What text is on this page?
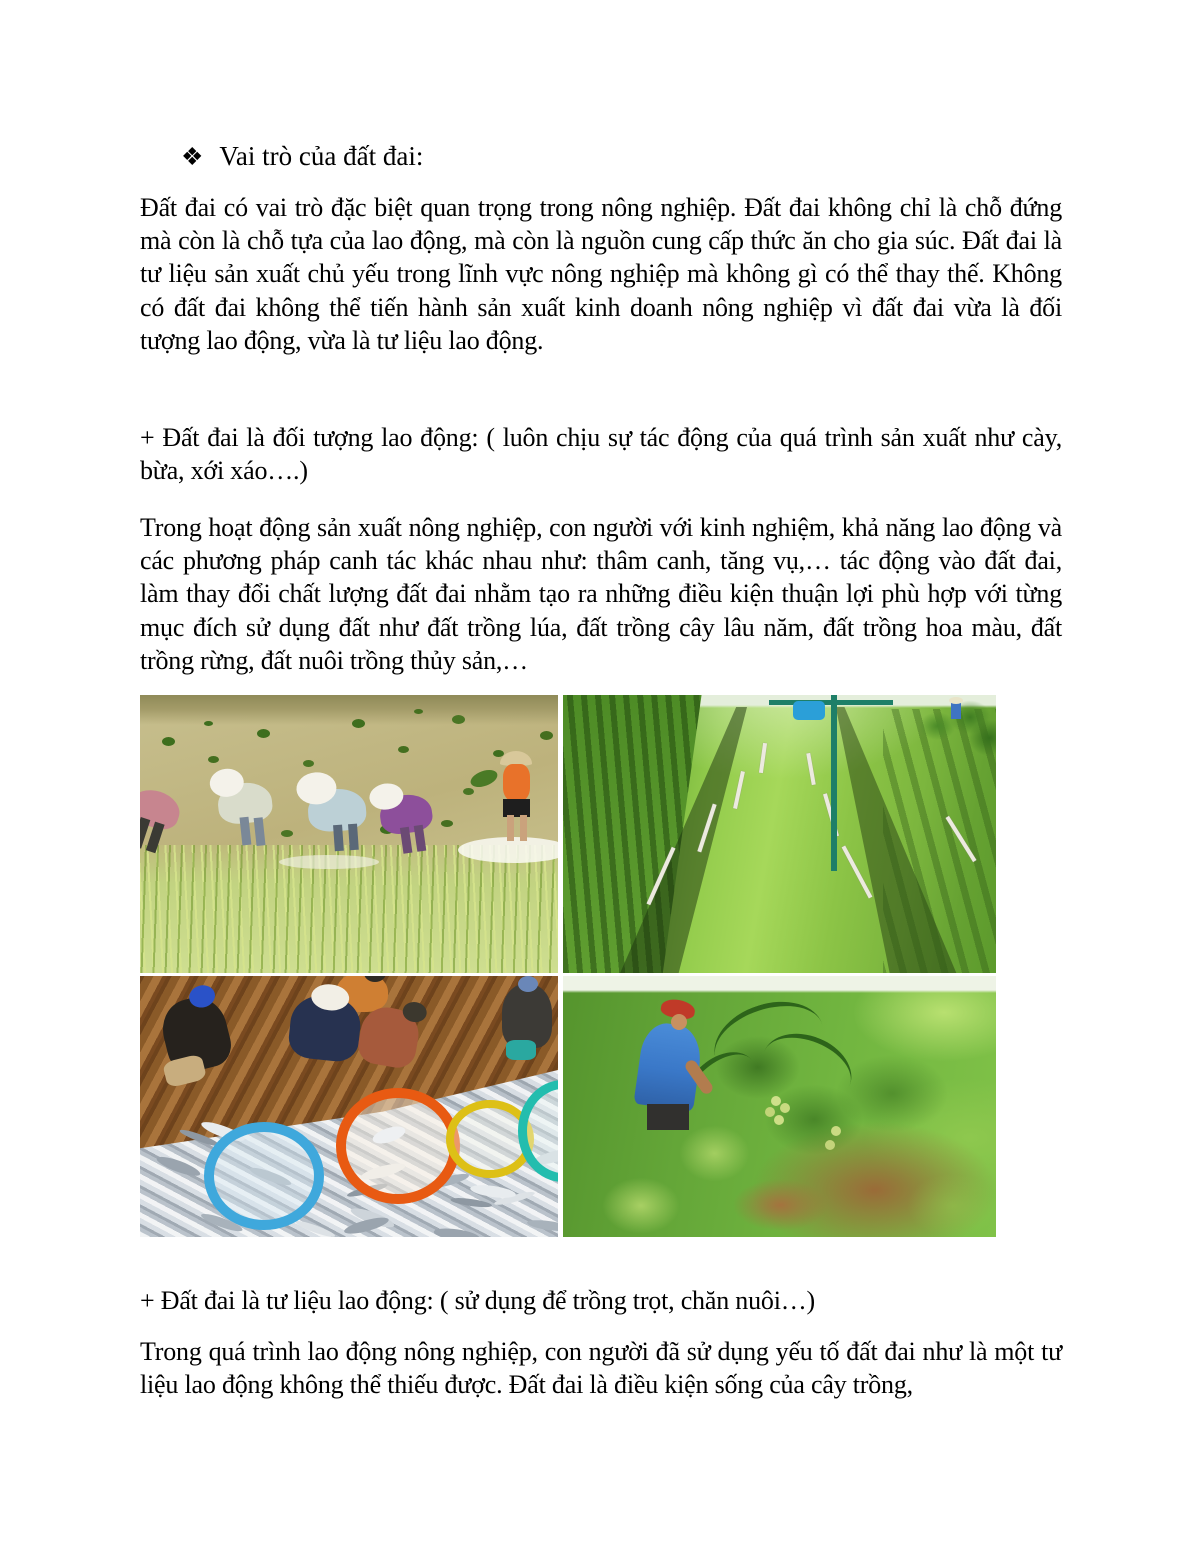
❖ Vai trò của đất đai:
Đất đai có vai trò đặc biệt quan trọng trong nông nghiệp. Đất đai không chỉ là chỗ đứng mà còn là chỗ tựa của lao động, mà còn là nguồn cung cấp thức ăn cho gia súc. Đất đai là tư liệu sản xuất chủ yếu trong lĩnh vực nông nghiệp mà không gì có thể thay thế. Không có đất đai không thể tiến hành sản xuất kinh doanh nông nghiệp vì đất đai vừa là đối tượng lao động, vừa là tư liệu lao động.
+ Đất đai là đối tượng lao động: ( luôn chịu sự tác động của quá trình sản xuất như cày, bừa, xới xáo….)
Trong hoạt động sản xuất nông nghiệp, con người với kinh nghiệm, khả năng lao động và các phương pháp canh tác khác nhau như: thâm canh, tăng vụ,… tác động vào đất đai, làm thay đổi chất lượng đất đai nhằm tạo ra những điều kiện thuận lợi phù hợp với từng mục đích sử dụng đất như đất trồng lúa, đất trồng cây lâu năm, đất trồng hoa màu, đất trồng rừng, đất nuôi trồng thủy sản,…
+ Đất đai là tư liệu lao động: ( sử dụng để trồng trọt, chăn nuôi…)
Trong quá trình lao động nông nghiệp, con người đã sử dụng yếu tố đất đai như là một tư liệu lao động không thể thiếu được. Đất đai là điều kiện sống của cây trồng,
